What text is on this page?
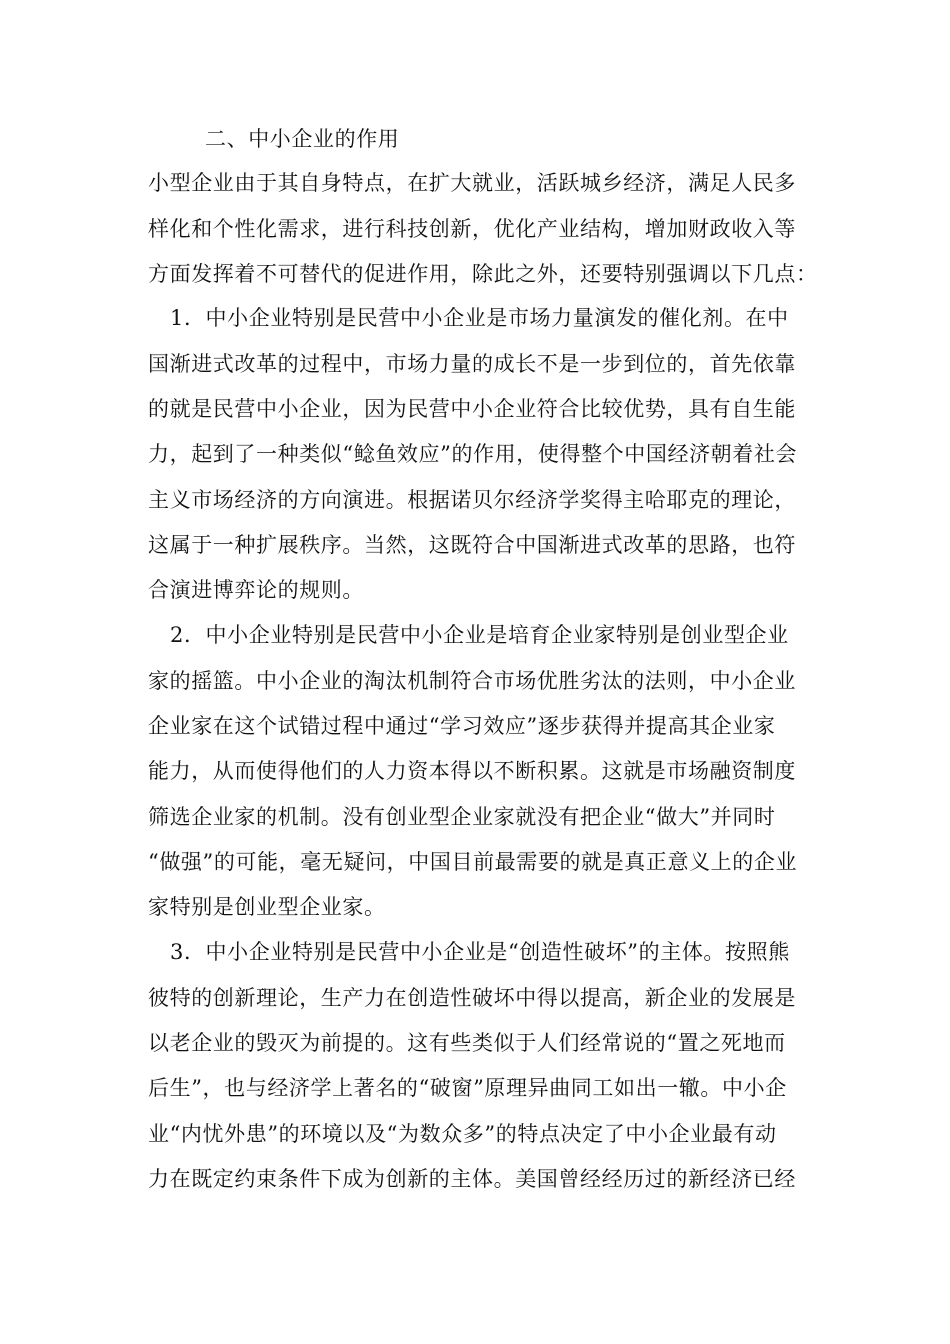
二、中小企业的作用
小型企业由于其自身特点，在扩大就业，活跃城乡经济，满足人民多
样化和个性化需求，进行科技创新，优化产业结构，增加财政收入等
方面发挥着不可替代的促进作用，除此之外，还要特别强调以下几点：
1．中小企业特别是民营中小企业是市场力量演发的催化剂。在中
国渐进式改革的过程中，市场力量的成长不是一步到位的，首先依靠
的就是民营中小企业，因为民营中小企业符合比较优势，具有自生能
力，起到了一种类似“鲶鱼效应”的作用，使得整个中国经济朝着社会
主义市场经济的方向演进。根据诺贝尔经济学奖得主哈耶克的理论，
这属于一种扩展秩序。当然，这既符合中国渐进式改革的思路，也符
合演进博弈论的规则。
2．中小企业特别是民营中小企业是培育企业家特别是创业型企业
家的摇篮。中小企业的淘汰机制符合市场优胜劣汰的法则，中小企业
企业家在这个试错过程中通过“学习效应”逐步获得并提高其企业家
能力，从而使得他们的人力资本得以不断积累。这就是市场融资制度
筛选企业家的机制。没有创业型企业家就没有把企业“做大”并同时
“做强”的可能，毫无疑问，中国目前最需要的就是真正意义上的企业
家特别是创业型企业家。
3．中小企业特别是民营中小企业是“创造性破坏”的主体。按照熊
彼特的创新理论，生产力在创造性破坏中得以提高，新企业的发展是
以老企业的毁灭为前提的。这有些类似于人们经常说的“置之死地而
后生”，也与经济学上著名的“破窗”原理异曲同工如出一辙。中小企
业“内忧外患”的环境以及“为数众多”的特点决定了中小企业最有动
力在既定约束条件下成为创新的主体。美国曾经经历过的新经济已经
